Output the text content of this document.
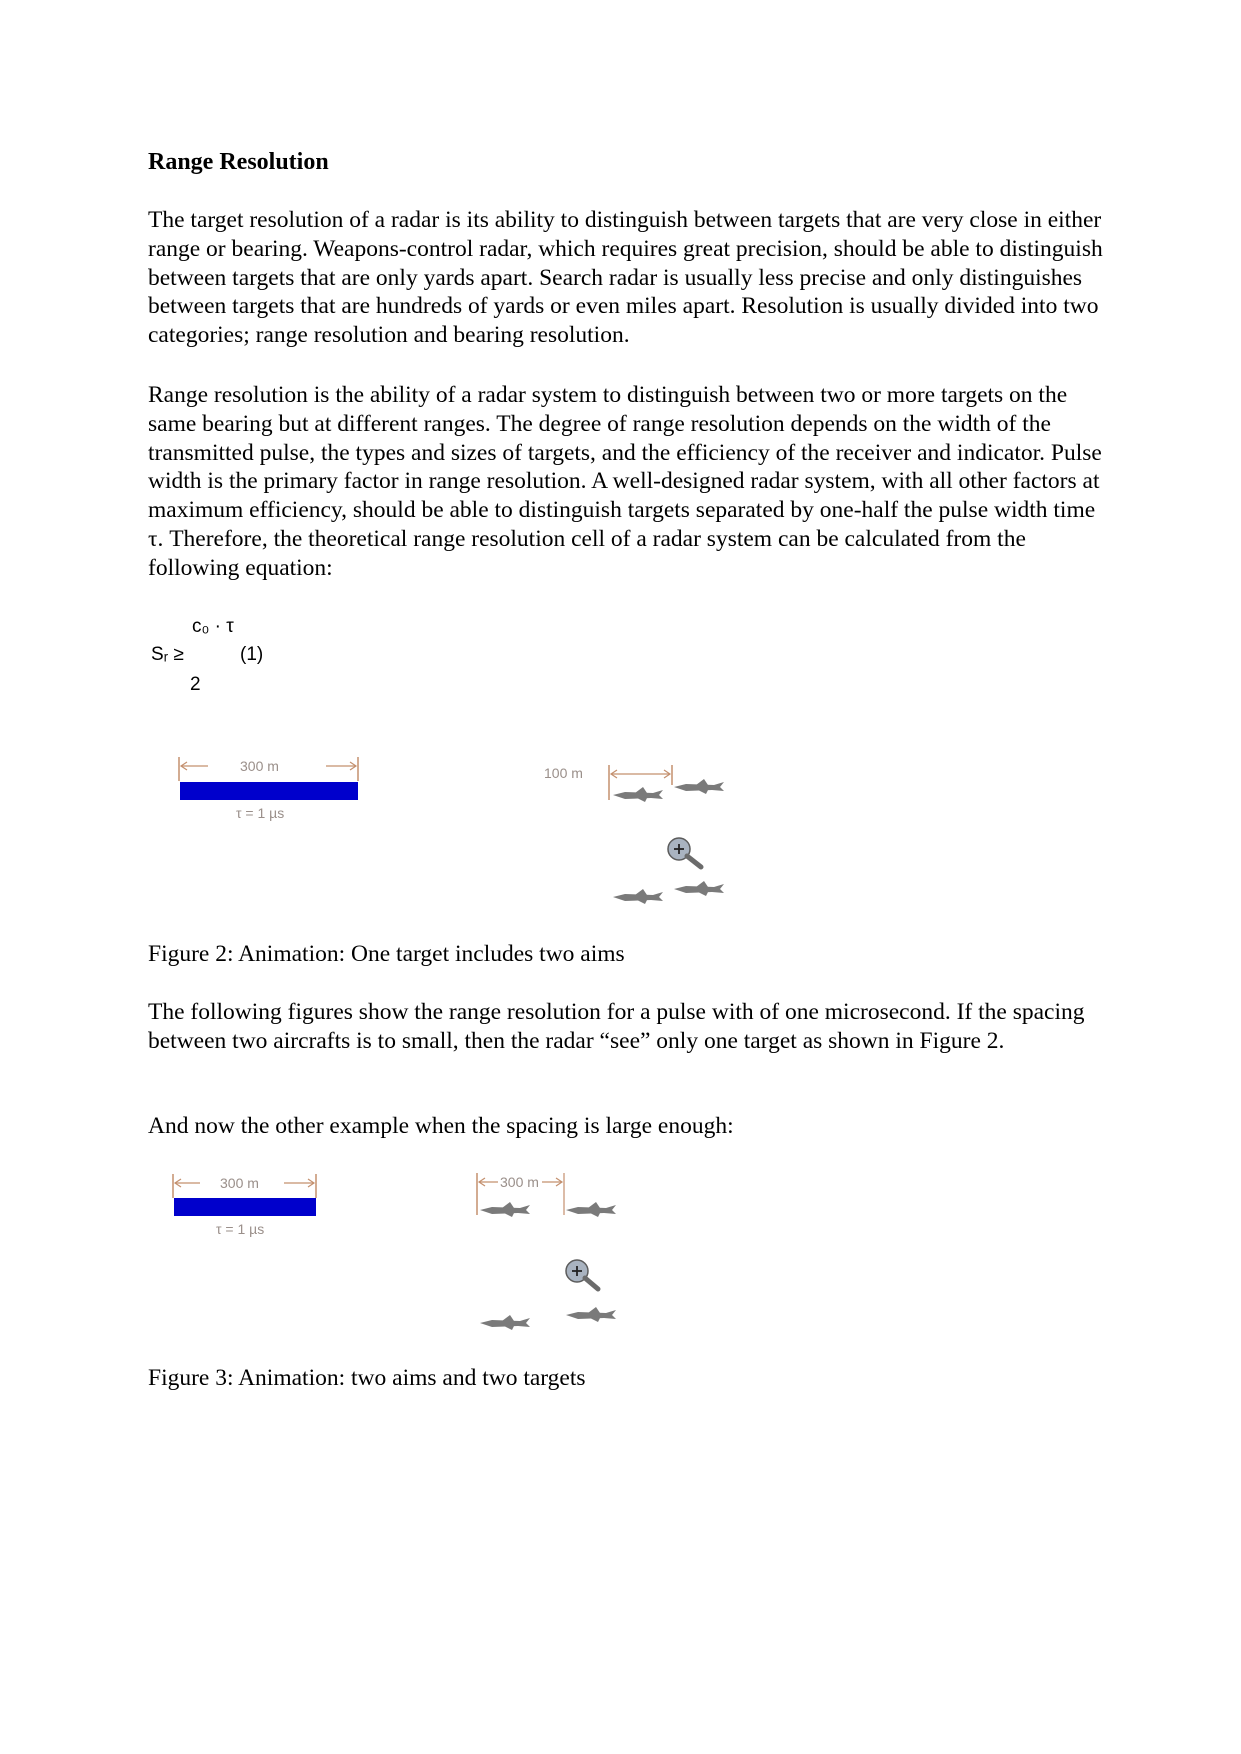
Range Resolution

The target resolution of a radar is its ability to distinguish between targets that are very close in either range or bearing. Weapons-control radar, which requires great precision, should be able to distinguish between targets that are only yards apart. Search radar is usually less precise and only distinguishes between targets that are hundreds of yards or even miles apart. Resolution is usually divided into two categories; range resolution and bearing resolution.

Range resolution is the ability of a radar system to distinguish between two or more targets on the same bearing but at different ranges. The degree of range resolution depends on the width of the transmitted pulse, the types and sizes of targets, and the efficiency of the receiver and indicator. Pulse width is the primary factor in range resolution. A well-designed radar system, with all other factors at maximum efficiency, should be able to distinguish targets separated by one-half the pulse width time τ. Therefore, the theoretical range resolution cell of a radar system can be calculated from the following equation:

c₀ · τ
Sᵣ ≥	(1)
2
300 m
τ = 1 µs
100 m
Figure 2: Animation: One target includes two aims

The following figures show the range resolution for a pulse with of one microsecond. If the spacing between two aircrafts is to small, then the radar “see” only one target as shown in Figure 2.

And now the other example when the spacing is large enough:

300 m
τ = 1 µs
300 m
Figure 3: Animation: two aims and two targets
